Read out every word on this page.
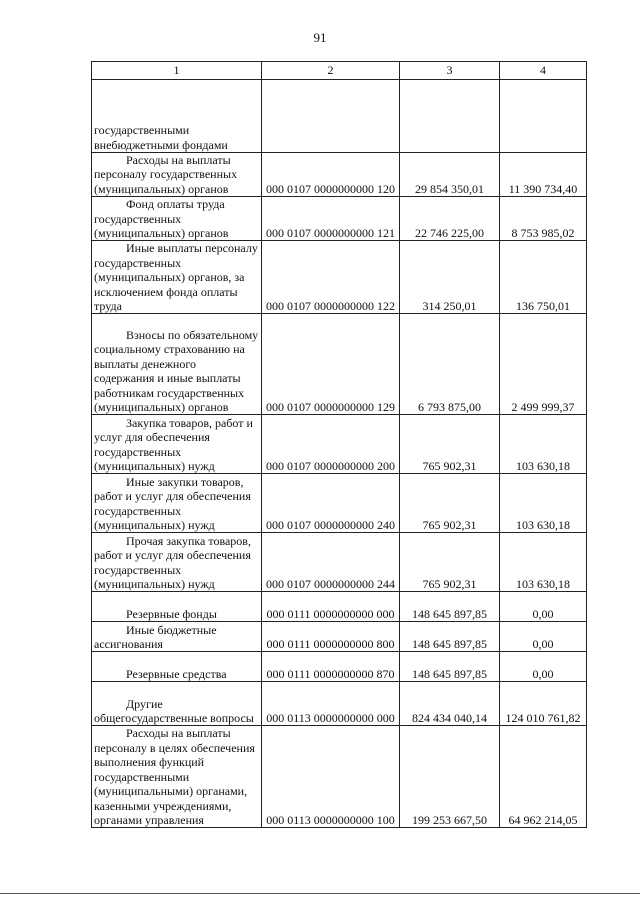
91
1	2	3	4
государственными внебюджетными фондами			
Расходы на выплаты персоналу государственных (муниципальных) органов	000 0107 0000000000 120	29 854 350,01	11 390 734,40
Фонд оплаты труда государственных (муниципальных) органов	000 0107 0000000000 121	22 746 225,00	8 753 985,02
Иные выплаты персоналу государственных (муниципальных) органов, за исключением фонда оплаты труда	000 0107 0000000000 122	314 250,01	136 750,01
Взносы по обязательному социальному страхованию на выплаты денежного содержания и иные выплаты работникам государственных (муниципальных) органов	000 0107 0000000000 129	6 793 875,00	2 499 999,37
Закупка товаров, работ и услуг для обеспечения государственных (муниципальных) нужд	000 0107 0000000000 200	765 902,31	103 630,18
Иные закупки товаров, работ и услуг для обеспечения государственных (муниципальных) нужд	000 0107 0000000000 240	765 902,31	103 630,18
Прочая закупка товаров, работ и услуг для обеспечения государственных (муниципальных) нужд	000 0107 0000000000 244	765 902,31	103 630,18
Резервные фонды	000 0111 0000000000 000	148 645 897,85	0,00
Иные бюджетные ассигнования	000 0111 0000000000 800	148 645 897,85	0,00
Резервные средства	000 0111 0000000000 870	148 645 897,85	0,00
Другие общегосударственные вопросы	000 0113 0000000000 000	824 434 040,14	124 010 761,82
Расходы на выплаты персоналу в целях обеспечения выполнения функций государственными (муниципальными) органами, казенными учреждениями, органами управления	000 0113 0000000000 100	199 253 667,50	64 962 214,05
